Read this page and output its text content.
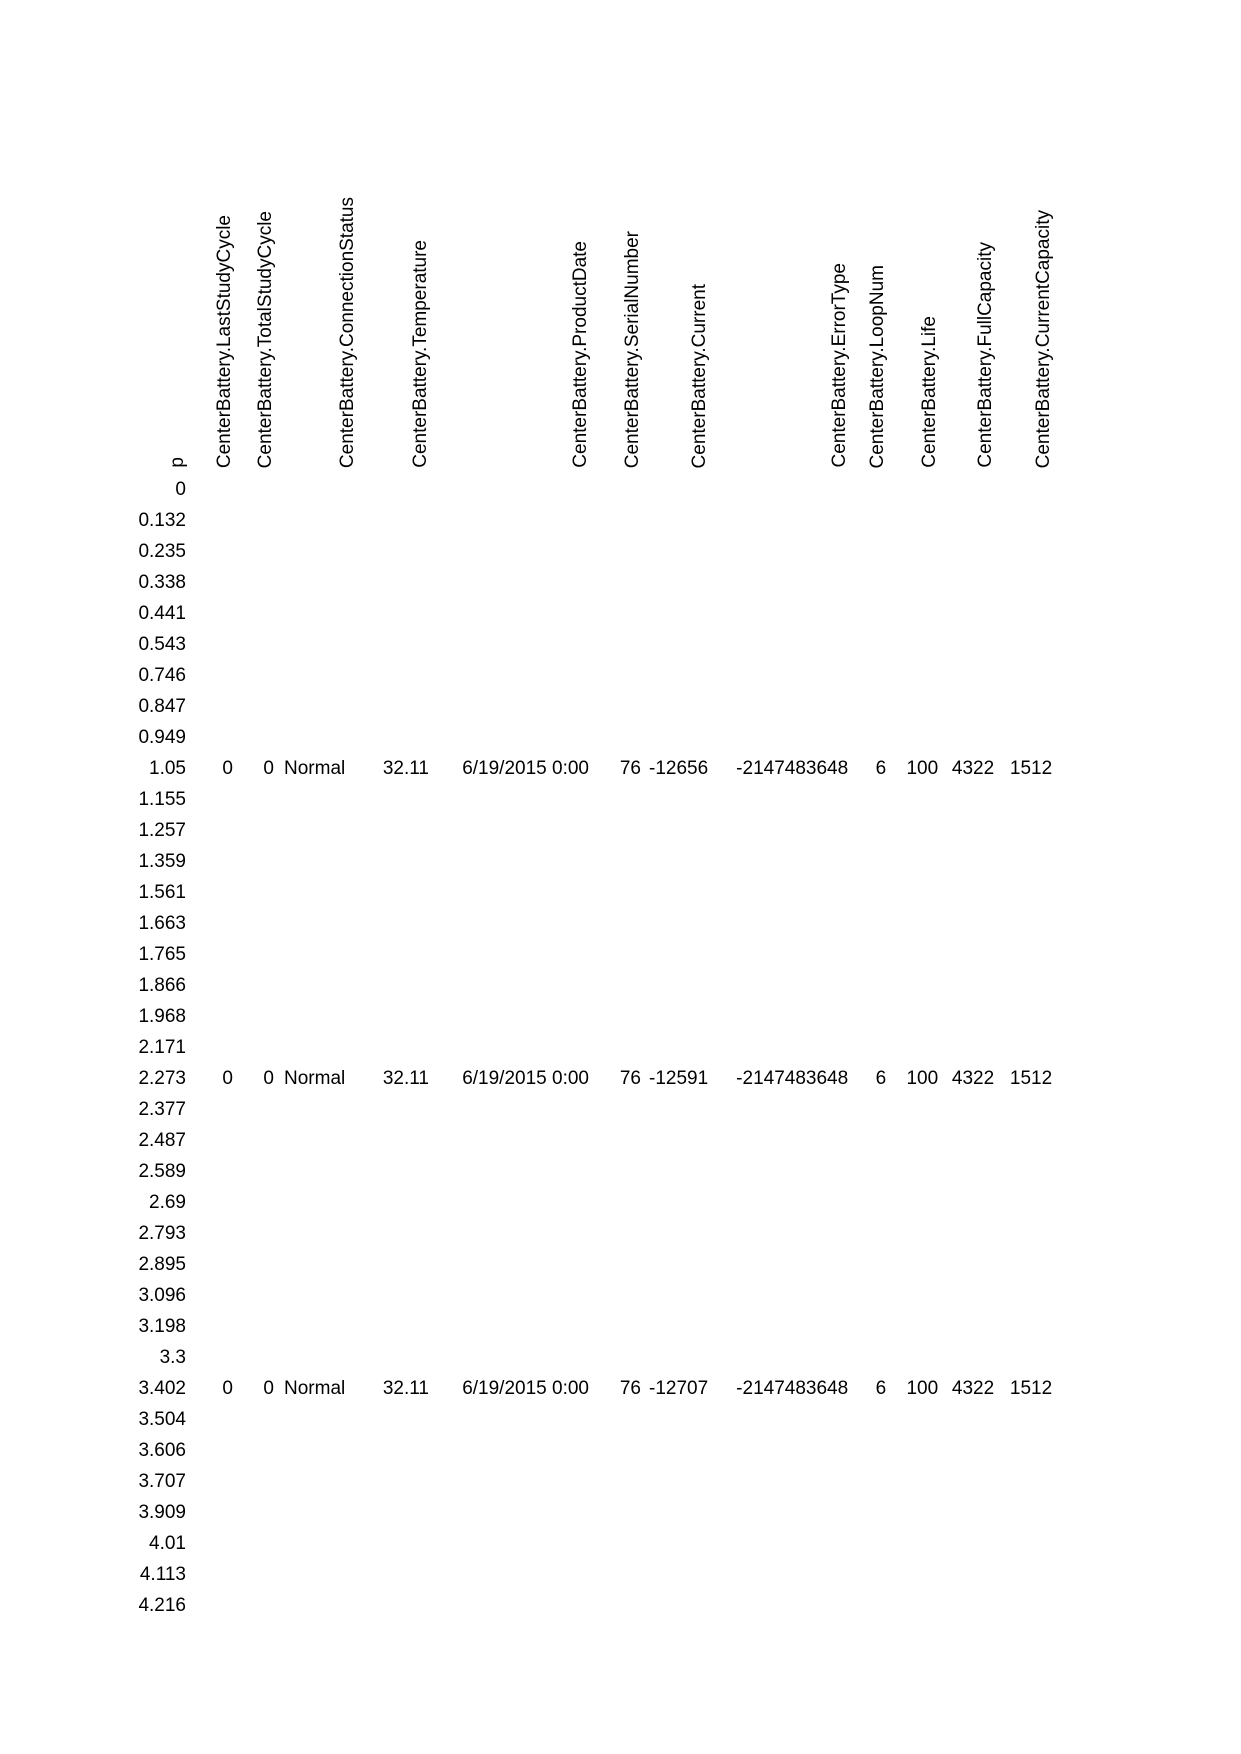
p	CenterBattery.LastStudyCycle	CenterBattery.TotalStudyCycle	CenterBattery.ConnectionStatus	CenterBattery.Temperature	CenterBattery.ProductDate	CenterBattery.SerialNumber	CenterBattery.Current	CenterBattery.ErrorType	CenterBattery.LoopNum	CenterBattery.Life	CenterBattery.FullCapacity	CenterBattery.CurrentCapacity
0												
0.132												
0.235												
0.338												
0.441												
0.543												
0.746												
0.847												
0.949												
1.05	0	0	Normal	32.11	6/19/2015 0:00	76	-12656	-2147483648	6	100	4322	1512
1.155												
1.257												
1.359												
1.561												
1.663												
1.765												
1.866												
1.968												
2.171												
2.273	0	0	Normal	32.11	6/19/2015 0:00	76	-12591	-2147483648	6	100	4322	1512
2.377												
2.487												
2.589												
2.69												
2.793												
2.895												
3.096												
3.198												
3.3												
3.402	0	0	Normal	32.11	6/19/2015 0:00	76	-12707	-2147483648	6	100	4322	1512
3.504												
3.606												
3.707												
3.909												
4.01												
4.113												
4.216												
